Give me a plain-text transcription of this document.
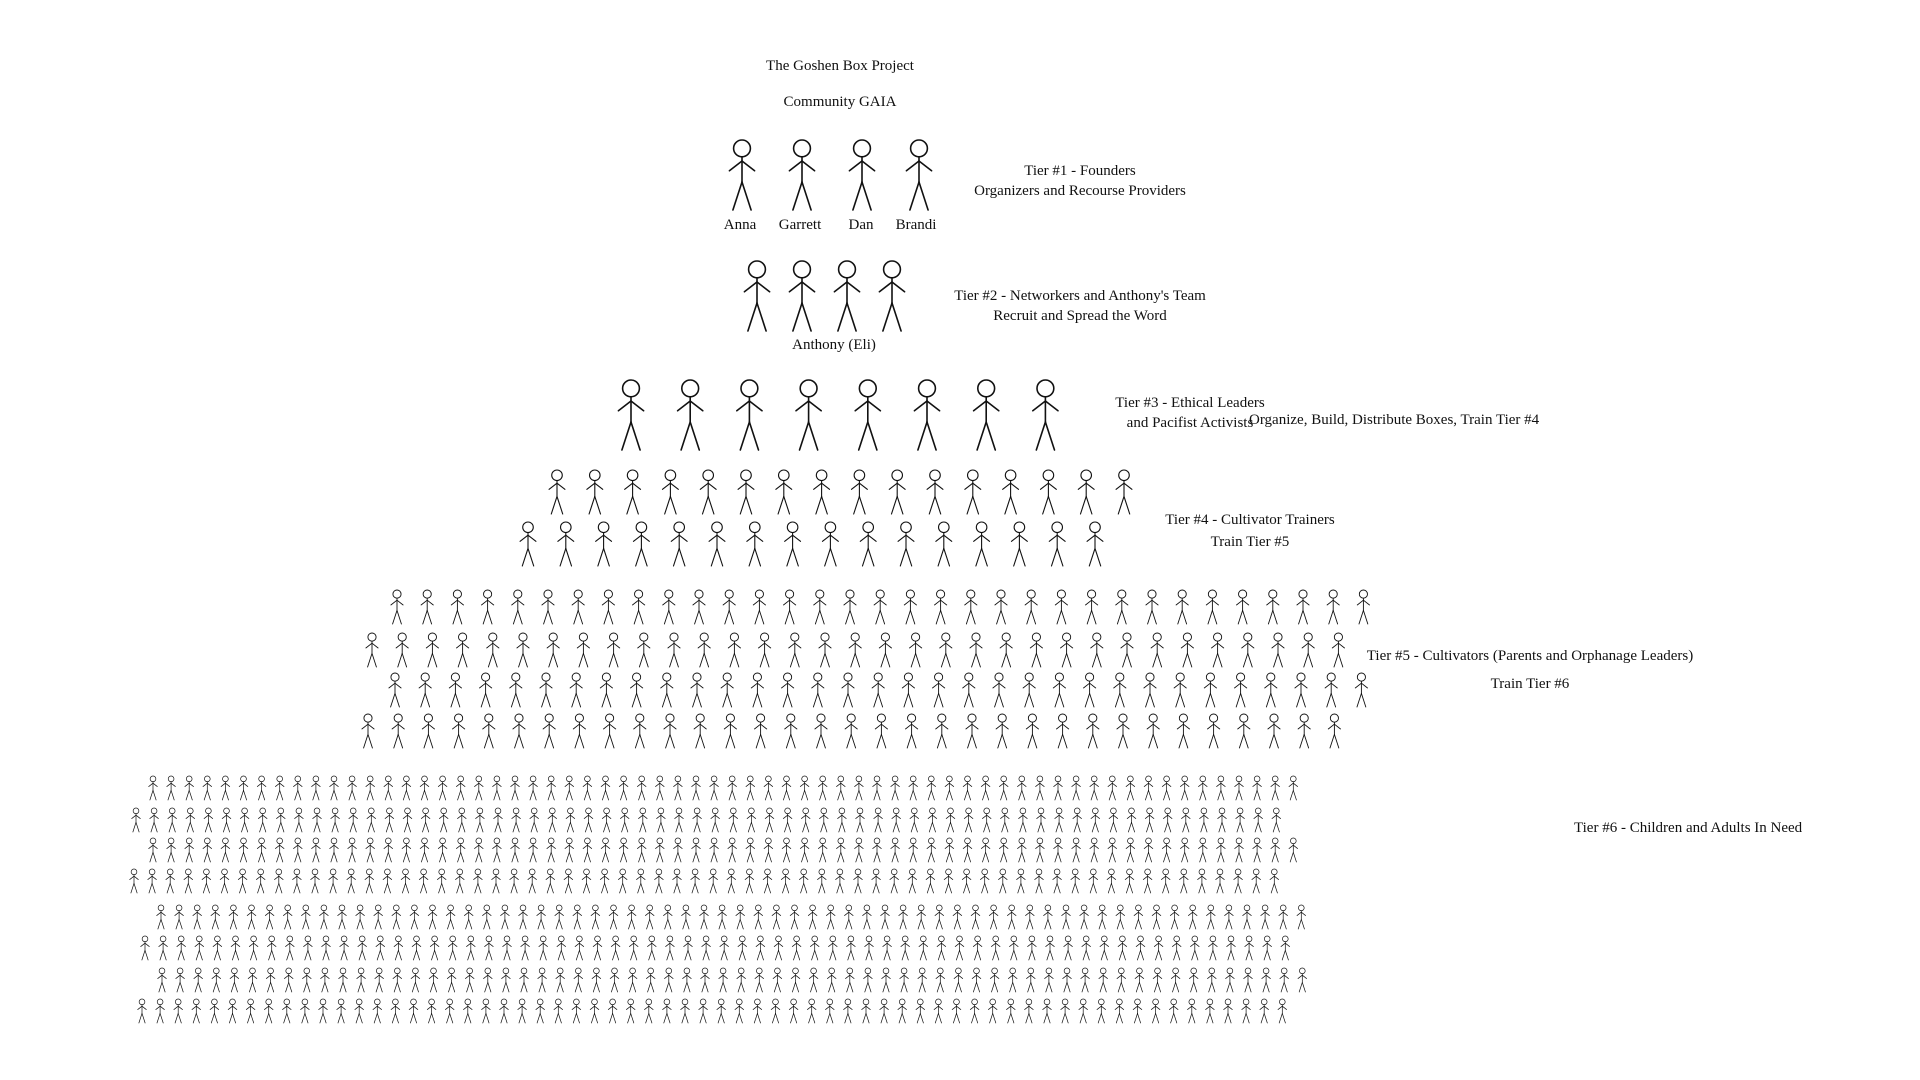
The Goshen Box Project
Community GAIA
Tier #1 - Founders
Organizers and Recourse Providers
Anna Garrett Dan Brandi
Tier #2 - Networkers and Anthony's Team
Recruit and Spread the Word
Anthony (Eli)
Tier #3 - Ethical Leaders
and Pacifist Activists
Organize, Build, Distribute Boxes, Train Tier #4
Tier #4 - Cultivator Trainers
Train Tier #5
Tier #5 - Cultivators (Parents and Orphanage Leaders)
Train Tier #6
Tier #6 - Children and Adults In Need
